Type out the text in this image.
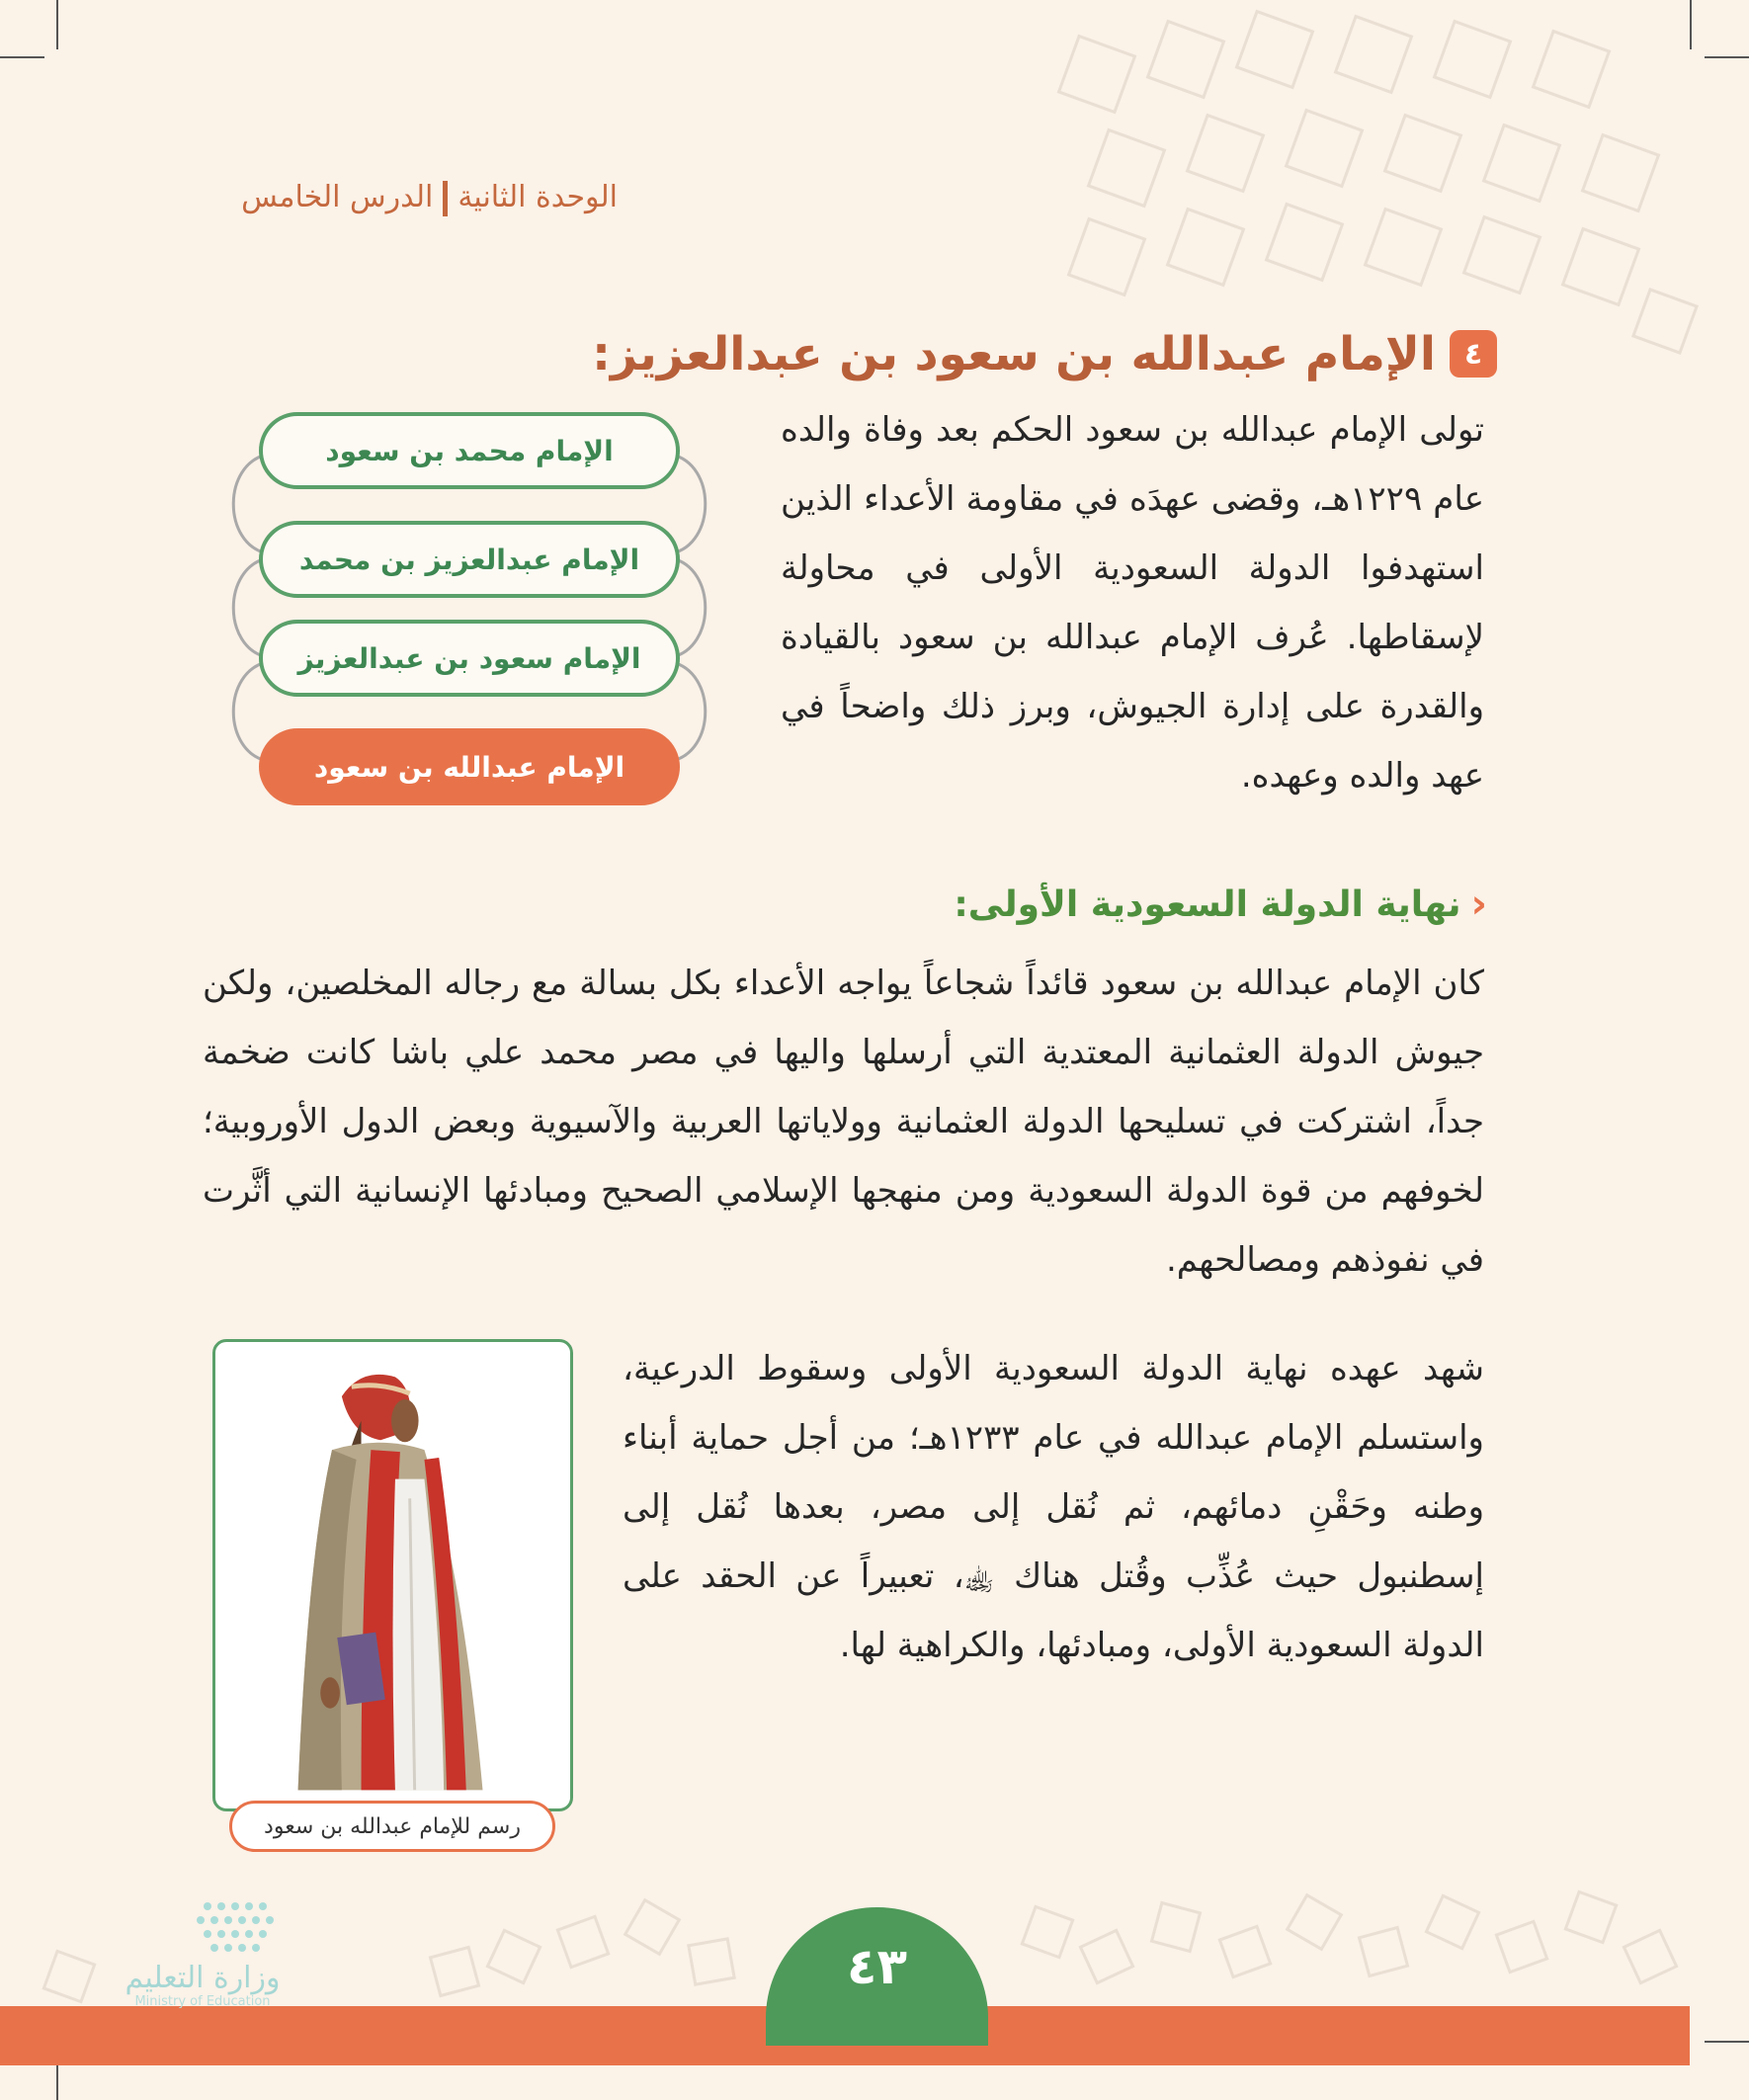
الوحدة الثانيةالدرس الخامس
٤
الإمام عبدالله بن سعود بن عبدالعزيز:
تولى الإمام عبدالله بن سعود الحكم بعد وفاة والده عام ١٢٢٩هـ، وقضى عهدَه في مقاومة الأعداء الذين استهدفوا الدولة السعودية الأولى في محاولة لإسقاطها. عُرف الإمام عبدالله بن سعود بالقيادة والقدرة على إدارة الجيوش، وبرز ذلك واضحاً في عهد والده وعهده.
الإمام محمد بن سعود
الإمام عبدالعزيز بن محمد
الإمام سعود بن عبدالعزيز
الإمام عبدالله بن سعود
‹
نهاية الدولة السعودية الأولى:
كان الإمام عبدالله بن سعود قائداً شجاعاً يواجه الأعداء بكل بسالة مع رجاله المخلصين، ولكن جيوش الدولة العثمانية المعتدية التي أرسلها واليها في مصر محمد علي باشا كانت ضخمة جداً، اشتركت في تسليحها الدولة العثمانية وولاياتها العربية والآسيوية وبعض الدول الأوروبية؛ لخوفهم من قوة الدولة السعودية ومن منهجها الإسلامي الصحيح ومبادئها الإنسانية التي أثَّرت في نفوذهم ومصالحهم.
شهد عهده نهاية الدولة السعودية الأولى وسقوط الدرعية، واستسلم الإمام عبدالله في عام ١٢٣٣هـ؛ من أجل حماية أبناء وطنه وحَقْنِ دمائهم، ثم نُقل إلى مصر، بعدها نُقل إلى إسطنبول حيث عُذِّب وقُتل هناك ﵀، تعبيراً عن الحقد على الدولة السعودية الأولى، ومبادئها، والكراهية لها.
رسم للإمام عبدالله بن سعود
٤٣
وزارة التعليم
Ministry of Education
